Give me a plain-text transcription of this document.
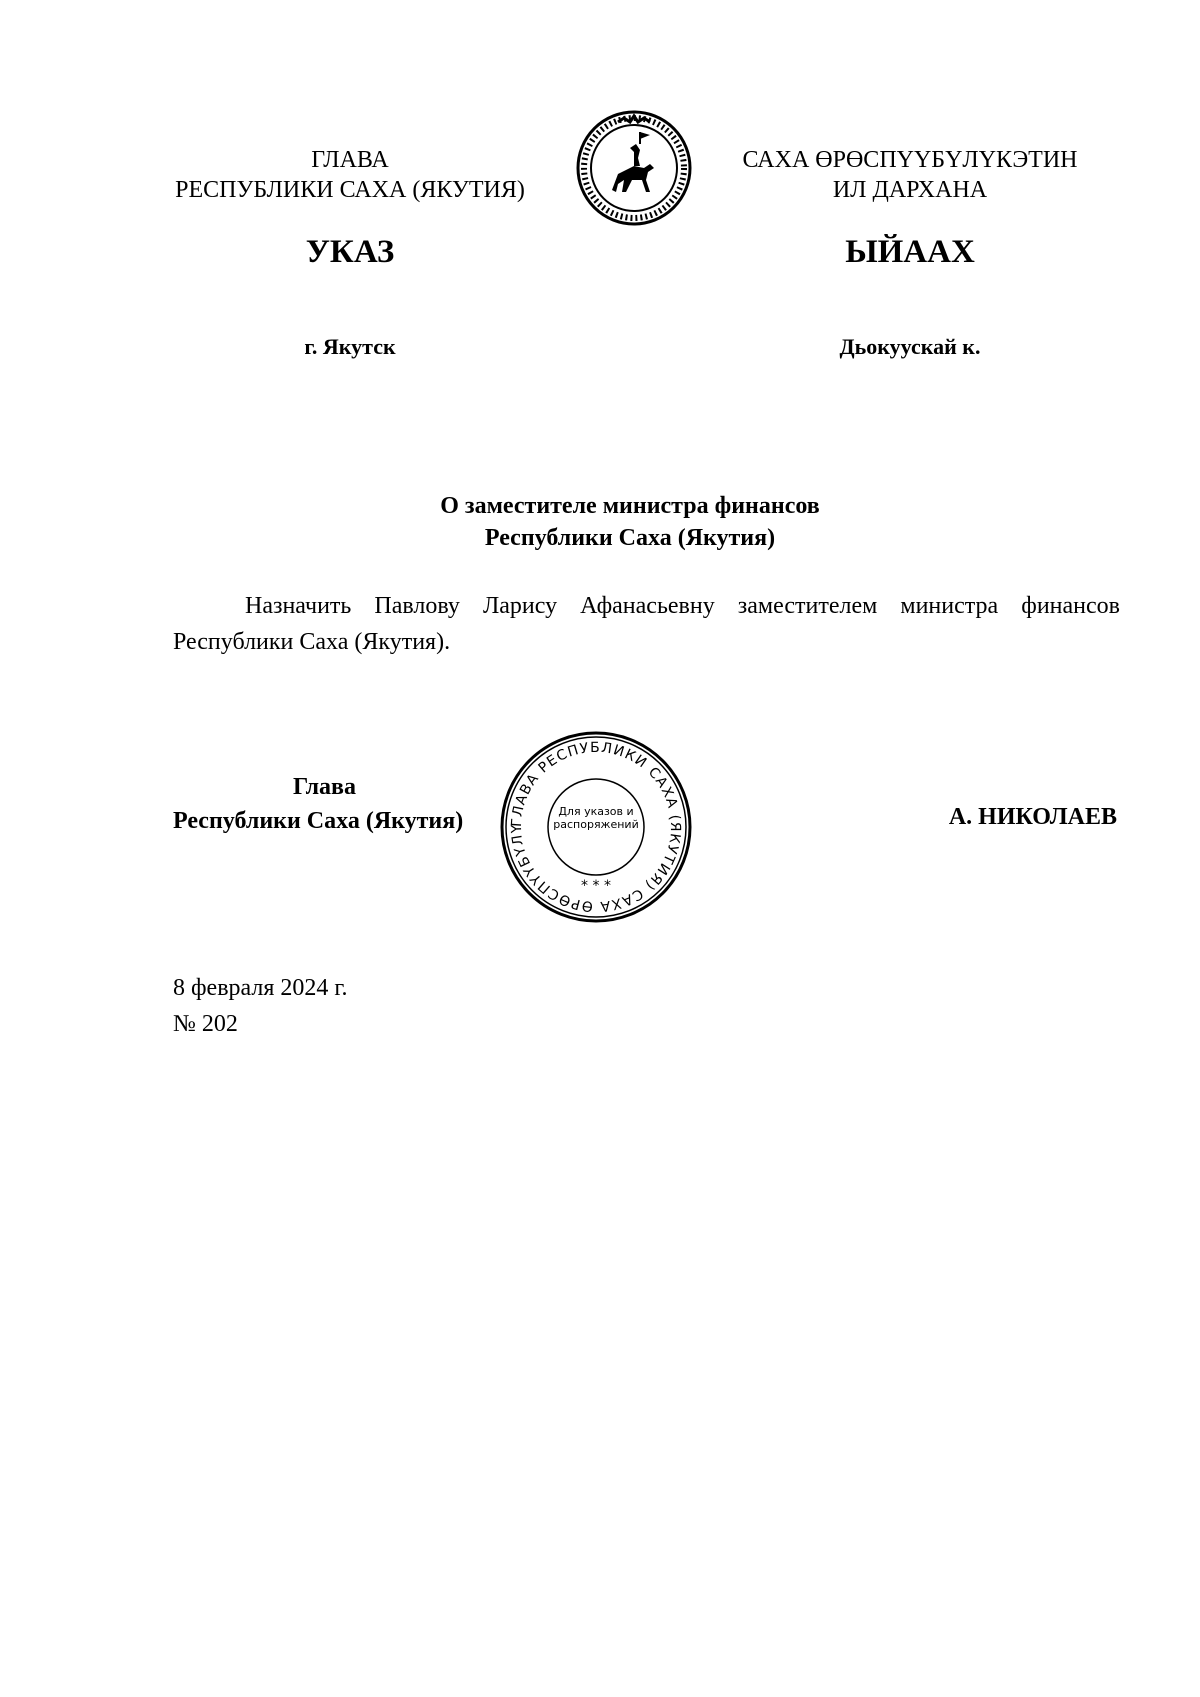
ГЛАВА
РЕСПУБЛИКИ САХА (ЯКУТИЯ)
САХА ӨРӨСПҮҮБҮЛҮКЭТИН
ИЛ ДАРХАНА
УКАЗ	ЫЙААХ
г. Якутск	Дьокуускай к.
О заместителе министра финансов
Республики Саха (Якутия)
Назначить Павлову Ларису Афанасьевну заместителем министра финансов Республики Саха (Якутия).
Глава
Республики Саха (Якутия)	ГЛАВА РЕСПУБЛИКИ САХА (ЯКУТИЯ) САХА ӨРӨСПҮҮБҮЛҮ
Для указов и распоряжений
* * *
А. НИКОЛАЕВ
8 февраля 2024 г.
№ 202
